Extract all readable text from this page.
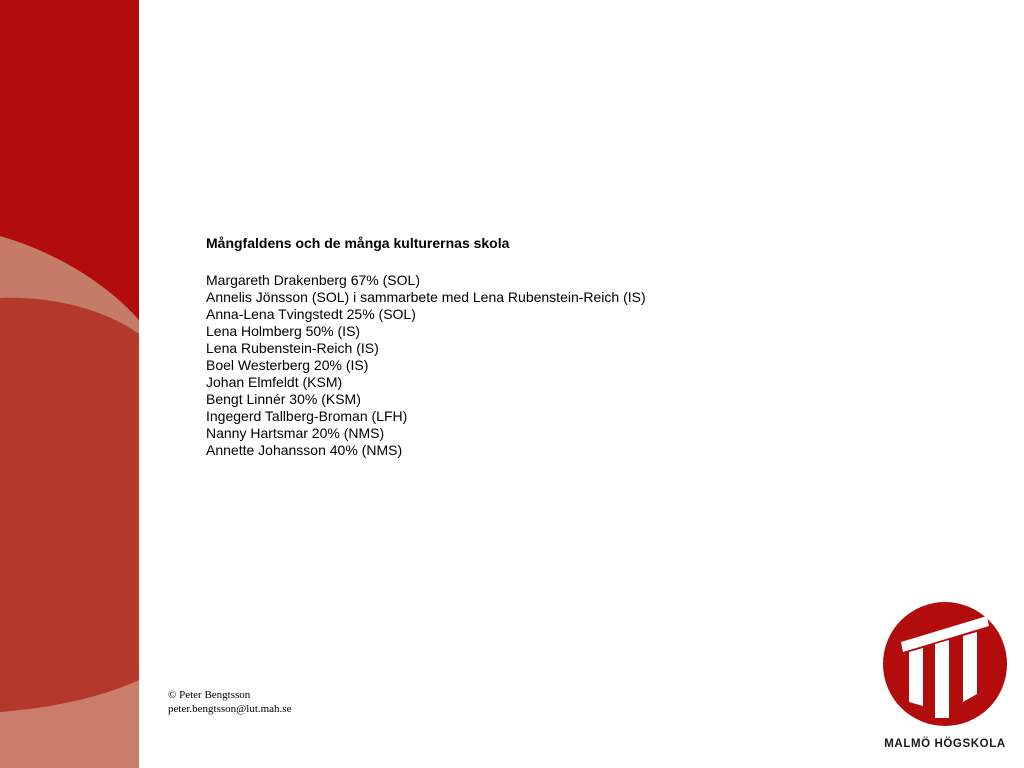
Mångfaldens och de många kulturernas skola
Margareth Drakenberg 67% (SOL)
Annelis Jönsson (SOL) i sammarbete med Lena Rubenstein-Reich (IS)
Anna-Lena Tvingstedt 25% (SOL)
Lena Holmberg 50% (IS)
Lena Rubenstein-Reich (IS)
Boel Westerberg 20% (IS)
Johan Elmfeldt (KSM)
Bengt Linnér 30% (KSM)
Ingegerd Tallberg-Broman (LFH)
Nanny Hartsmar 20% (NMS)
Annette Johansson 40% (NMS)
© Peter Bengtsson
peter.bengtsson@lut.mah.se
MALMÖ HÖGSKOLA
